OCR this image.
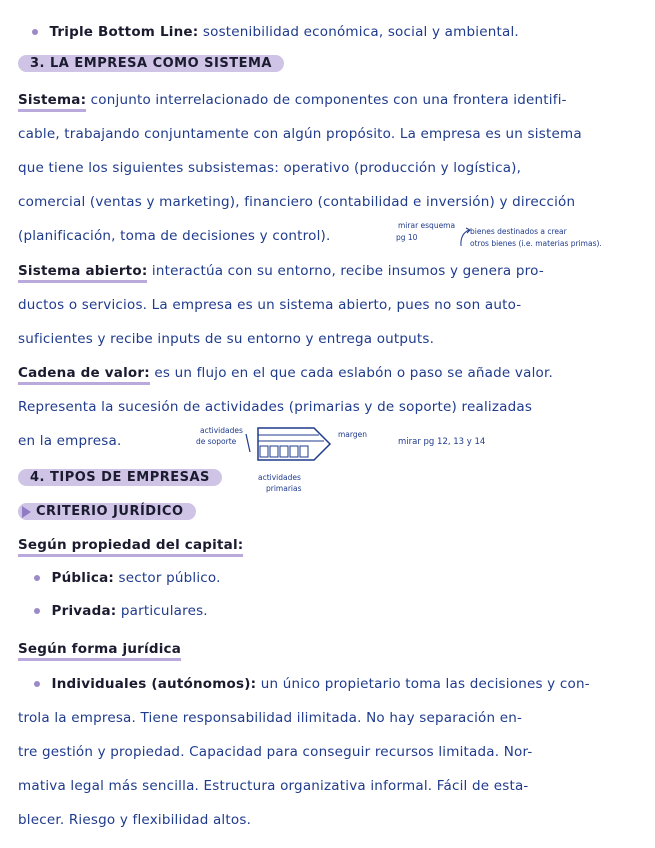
Triple Bottom Line: sostenibilidad económica, social y ambiental.
3. LA EMPRESA COMO SISTEMA
Sistema: conjunto interrelacionado de componentes con una frontera identifi-
cable, trabajando conjuntamente con algún propósito. La empresa es un sistema
que tiene los siguientes subsistemas: operativo (producción y logística),
comercial (ventas y marketing), financiero (contabilidad e inversión) y dirección
(planificación, toma de decisiones y control).
mirar esquema
pg 10
bienes destinados a crear
otros bienes (i.e. materias primas).
Sistema abierto: interactúa con su entorno, recibe insumos y genera pro-
ductos o servicios. La empresa es un sistema abierto, pues no son auto-
suficientes y recibe inputs de su entorno y entrega outputs.
Cadena de valor: es un flujo en el que cada eslabón o paso se añade valor.
Representa la sucesión de actividades (primarias y de soporte) realizadas
en la empresa.
actividades
de soporte
margen
actividades
primarias
mirar pg 12, 13 y 14
4. TIPOS DE EMPRESAS
CRITERIO JURÍDICO
Según propiedad del capital:
Pública: sector público.
Privada: particulares.
Según forma jurídica
Individuales (autónomos): un único propietario toma las decisiones y con-
trola la empresa. Tiene responsabilidad ilimitada. No hay separación en-
tre gestión y propiedad. Capacidad para conseguir recursos limitada. Nor-
mativa legal más sencilla. Estructura organizativa informal. Fácil de esta-
blecer. Riesgo y flexibilidad altos.
